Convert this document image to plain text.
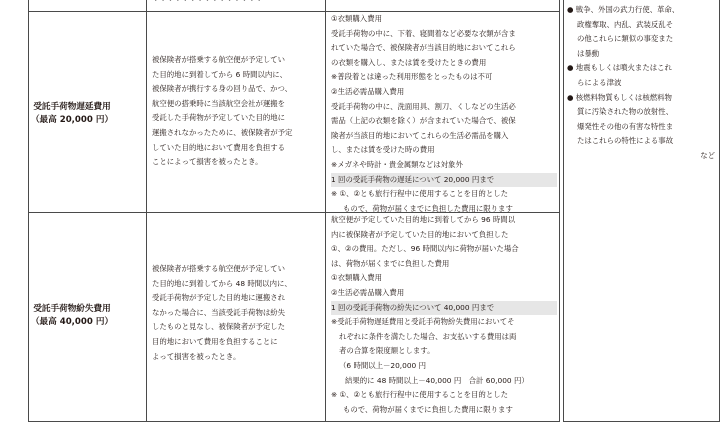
・・・・・・・・・・・・・・・
受託手荷物遅延費用
（最高 20,000 円）
被保険者が搭乗する航空便が予定してい
た目的地に到着してから 6 時間以内に、
被保険者が携行する身の回り品で、かつ、
航空便の搭乗時に当該航空会社が運搬を
受託した手荷物が予定していた目的地に
運搬されなかったために、被保険者が予定
していた目的地において費用を負担する
ことによって損害を被ったとき。
①衣類購入費用
受託手荷物の中に、下着、寝間着など必要な衣類が含ま
れていた場合で、被保険者が当該目的地においてこれら
の衣類を購入し、または賃を受けたときの費用
※普段着とは違った利用形態をとったものは不可
②生活必需品購入費用
受託手荷物の中に、洗面用具、割刀、くしなどの生活必
需品（上記の衣類を除く）が含まれていた場合で、被保
険者が当該目的地においてこれらの生活必需品を購入
し、または賃を受けた時の費用
※メガネや時計・貴金属類などは対象外
1 回の受託手荷物の遅延について 20,000 円まで
※ ①、②とも旅行行程中に使用することを目的とした
もので、荷物が届くまでに負担した費用に限ります
受託手荷物紛失費用
（最高 40,000 円）
被保険者が搭乗する航空便が予定してい
た目的地に到着してから 48 時間以内に、
受託手荷物が予定した目的地に運搬され
なかった場合に、当該受託手荷物は紛失
したものと見なし、被保険者が予定した
目的地において費用を負担することに
よって損害を被ったとき。
航空便が予定していた目的地に到着してから 96 時間以
内に被保険者が予定していた目的地において負担した
①、②の費用。ただし、96 時間以内に荷物が届いた場合
は、荷物が届くまでに負担した費用
①衣類購入費用
②生活必需品購入費用
1 回の受託手荷物の紛失について 40,000 円まで
※受託手荷物遅延費用と受託手荷物紛失費用においてそ
れぞれに条件を満たした場合、お支払いする費用は両
者の合算を限度額とします。
（6 時間以上－20,000 円
結果的に 48 時間以上－40,000 円　合計 60,000 円）
※ ①、②とも旅行行程中に使用することを目的とした
もので、荷物が届くまでに負担した費用に限ります
● 戦争、外国の武力行使、革命、
政権奪取、内乱、武装反乱そ
の他これらに類似の事変また
は暴動
● 地震もしくは噴火またはこれ
らによる津波
● 核燃料物質もしくは核燃料物
質に汚染された物の放射性、
爆発性その他の有害な特性ま
たはこれらの特性による事故
など
